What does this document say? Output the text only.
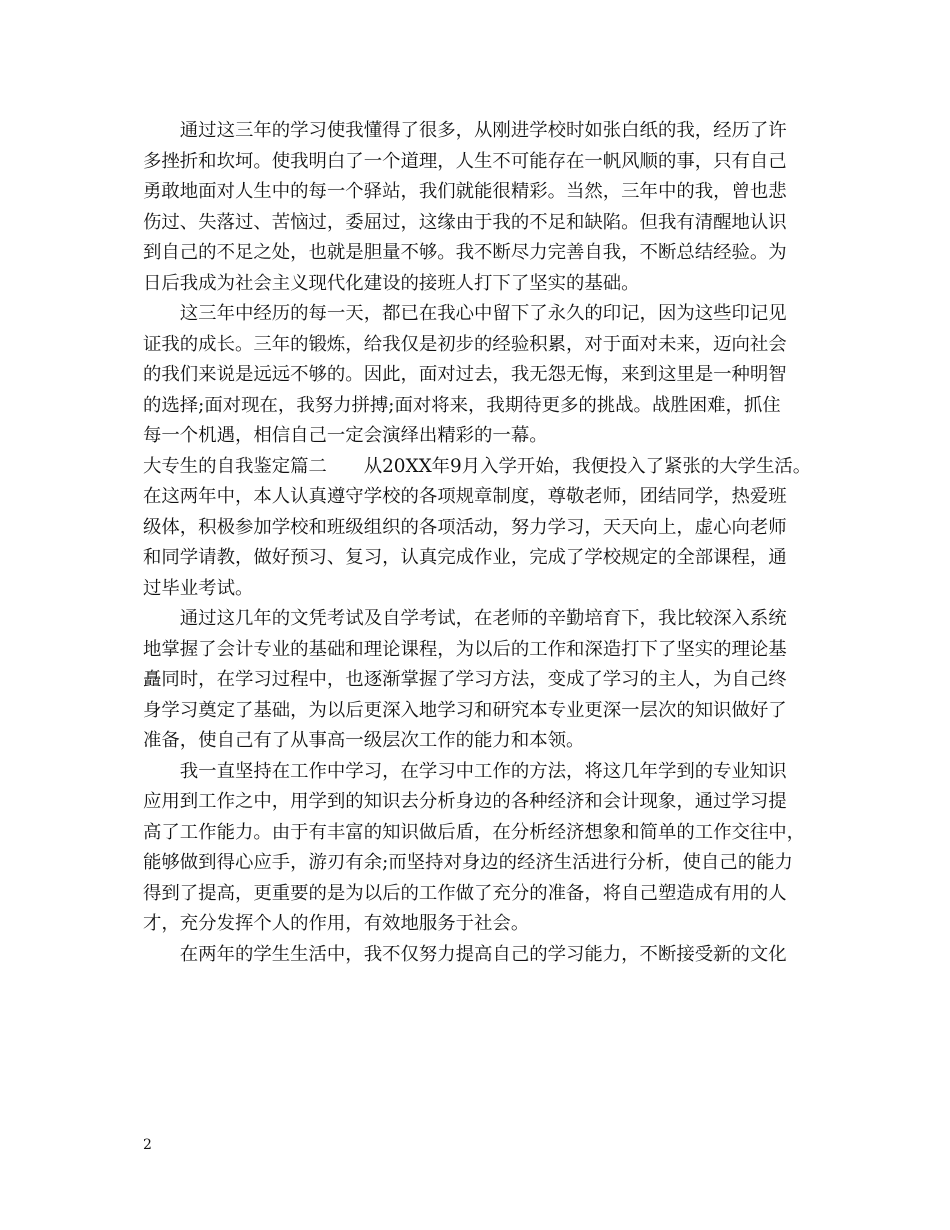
　　通过这三年的学习使我懂得了很多，从刚进学校时如张白纸的我，经历了许
多挫折和坎坷。使我明白了一个道理，人生不可能存在一帆风顺的事，只有自己
勇敢地面对人生中的每一个驿站，我们就能很精彩。当然，三年中的我，曾也悲
伤过、失落过、苦恼过，委屈过，这缘由于我的不足和缺陷。但我有清醒地认识
到自己的不足之处，也就是胆量不够。我不断尽力完善自我，不断总结经验。为
日后我成为社会主义现代化建设的接班人打下了坚实的基础。
　　这三年中经历的每一天，都已在我心中留下了永久的印记，因为这些印记见
证我的成长。三年的锻炼，给我仅是初步的经验积累，对于面对未来，迈向社会
的我们来说是远远不够的。因此，面对过去，我无怨无悔，来到这里是一种明智
的选择;面对现在，我努力拼搏;面对将来，我期待更多的挑战。战胜困难，抓住
每一个机遇，相信自己一定会演绎出精彩的一幕。
大专生的自我鉴定篇二　　从20XX年9月入学开始，我便投入了紧张的大学生活。
在这两年中，本人认真遵守学校的各项规章制度，尊敬老师，团结同学，热爱班
级体，积极参加学校和班级组织的各项活动，努力学习，天天向上，虚心向老师
和同学请教，做好预习、复习，认真完成作业，完成了学校规定的全部课程，通
过毕业考试。
　　通过这几年的文凭考试及自学考试，在老师的辛勤培育下，我比较深入系统
地掌握了会计专业的基础和理论课程，为以后的工作和深造打下了坚实的理论基
矗同时，在学习过程中，也逐渐掌握了学习方法，变成了学习的主人，为自己终
身学习奠定了基础，为以后更深入地学习和研究本专业更深一层次的知识做好了
准备，使自己有了从事高一级层次工作的能力和本领。
　　我一直坚持在工作中学习，在学习中工作的方法，将这几年学到的专业知识
应用到工作之中，用学到的知识去分析身边的各种经济和会计现象，通过学习提
高了工作能力。由于有丰富的知识做后盾，在分析经济想象和简单的工作交往中，
能够做到得心应手，游刃有余;而坚持对身边的经济生活进行分析，使自己的能力
得到了提高，更重要的是为以后的工作做了充分的准备，将自己塑造成有用的人
才，充分发挥个人的作用，有效地服务于社会。
　　在两年的学生生活中，我不仅努力提高自己的学习能力，不断接受新的文化
2
